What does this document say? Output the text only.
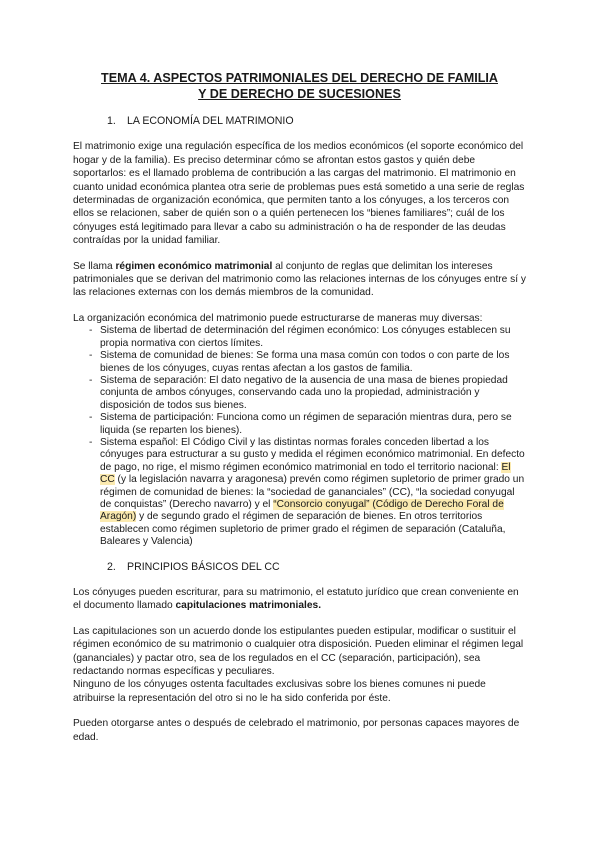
TEMA 4. ASPECTOS PATRIMONIALES DEL DERECHO DE FAMILIA
Y DE DERECHO DE SUCESIONES
1. LA ECONOMÍA DEL MATRIMONIO

El matrimonio exige una regulación específica de los medios económicos (el soporte económico del hogar y de la familia). Es preciso determinar cómo se afrontan estos gastos y quién debe soportarlos: es el llamado problema de contribución a las cargas del matrimonio. El matrimonio en cuanto unidad económica plantea otra serie de problemas pues está sometido a una serie de reglas determinadas de organización económica, que permiten tanto a los cónyuges, a los terceros con ellos se relacionen, saber de quién son o a quién pertenecen los “bienes familiares”; cuál de los cónyuges está legitimado para llevar a cabo su administración o ha de responder de las deudas contraídas por la unidad familiar.

Se llama régimen económico matrimonial al conjunto de reglas que delimitan los intereses patrimoniales que se derivan del matrimonio como las relaciones internas de los cónyuges entre sí y las relaciones externas con los demás miembros de la comunidad.

La organización económica del matrimonio puede estructurarse de maneras muy diversas:

- Sistema de libertad de determinación del régimen económico: Los cónyuges establecen su propia normativa con ciertos límites.
- Sistema de comunidad de bienes: Se forma una masa común con todos o con parte de los bienes de los cónyuges, cuyas rentas afectan a los gastos de familia.
- Sistema de separación: El dato negativo de la ausencia de una masa de bienes propiedad conjunta de ambos cónyuges, conservando cada uno la propiedad, administración y disposición de todos sus bienes.
- Sistema de participación: Funciona como un régimen de separación mientras dura, pero se liquida (se reparten los bienes).
- Sistema español: El Código Civil y las distintas normas forales conceden libertad a los cónyuges para estructurar a su gusto y medida el régimen económico matrimonial. En defecto de pago, no rige, el mismo régimen económico matrimonial en todo el territorio nacional: El CC (y la legislación navarra y aragonesa) prevén como régimen supletorio de primer grado un régimen de comunidad de bienes: la “sociedad de gananciales” (CC), “la sociedad conyugal de conquistas” (Derecho navarro) y el “Consorcio conyugal” (Código de Derecho Foral de Aragón) y de segundo grado el régimen de separación de bienes. En otros territorios establecen como régimen supletorio de primer grado el régimen de separación (Cataluña, Baleares y Valencia)
2. PRINCIPIOS BÁSICOS DEL CC

Los cónyuges pueden escriturar, para su matrimonio, el estatuto jurídico que crean conveniente en el documento llamado capitulaciones matrimoniales.

Las capitulaciones son un acuerdo donde los estipulantes pueden estipular, modificar o sustituir el régimen económico de su matrimonio o cualquier otra disposición. Pueden eliminar el régimen legal (gananciales) y pactar otro, sea de los regulados en el CC (separación, participación), sea redactando normas específicas y peculiares.

Ninguno de los cónyuges ostenta facultades exclusivas sobre los bienes comunes ni puede atribuirse la representación del otro si no le ha sido conferida por éste.

Pueden otorgarse antes o después de celebrado el matrimonio, por personas capaces mayores de edad.
